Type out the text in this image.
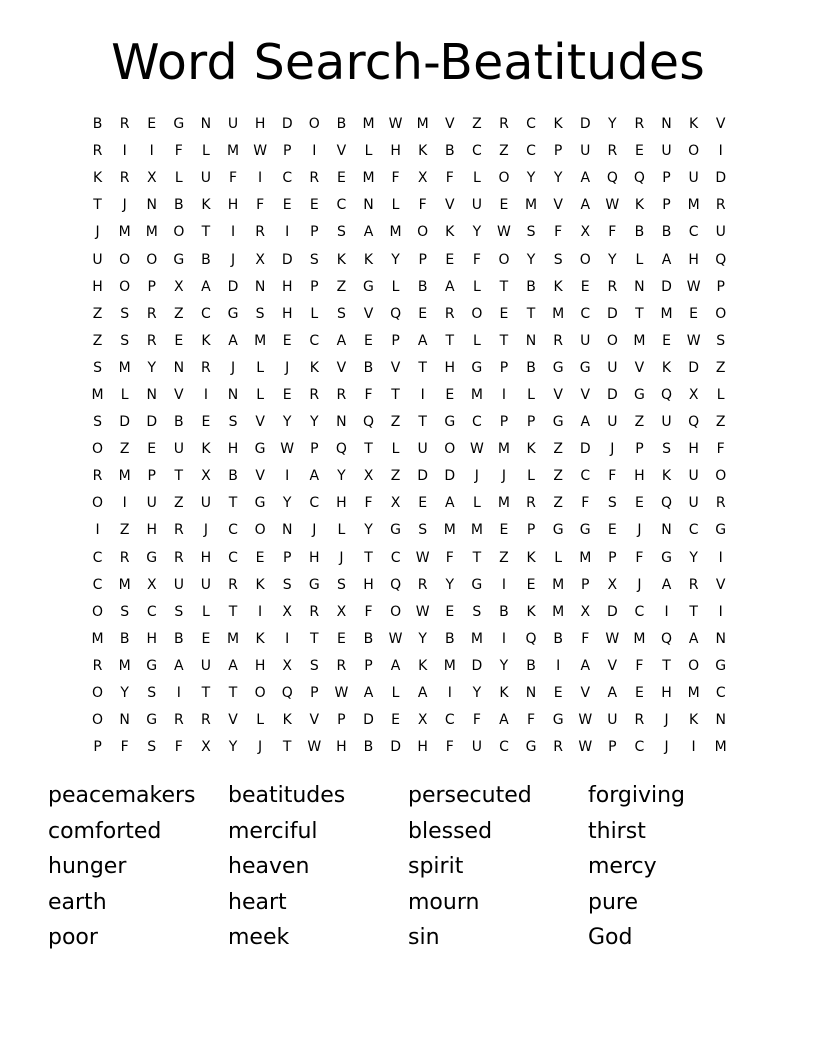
Word Search-Beatitudes
B	R	E	G	N	U	H	D	O	B	M	W	M	V	Z	R	C	K	D	Y	R	N	K	V
R	I	I	F	L	M	W	P	I	V	L	H	K	B	C	Z	C	P	U	R	E	U	O	I
K	R	X	L	U	F	I	C	R	E	M	F	X	F	L	O	Y	Y	A	Q	Q	P	U	D
T	J	N	B	K	H	F	E	E	C	N	L	F	V	U	E	M	V	A	W	K	P	M	R
J	M	M	O	T	I	R	I	P	S	A	M	O	K	Y	W	S	F	X	F	B	B	C	U
U	O	O	G	B	J	X	D	S	K	K	Y	P	E	F	O	Y	S	O	Y	L	A	H	Q
H	O	P	X	A	D	N	H	P	Z	G	L	B	A	L	T	B	K	E	R	N	D	W	P
Z	S	R	Z	C	G	S	H	L	S	V	Q	E	R	O	E	T	M	C	D	T	M	E	O
Z	S	R	E	K	A	M	E	C	A	E	P	A	T	L	T	N	R	U	O	M	E	W	S
S	M	Y	N	R	J	L	J	K	V	B	V	T	H	G	P	B	G	G	U	V	K	D	Z
M	L	N	V	I	N	L	E	R	R	F	T	I	E	M	I	L	V	V	D	G	Q	X	L
S	D	D	B	E	S	V	Y	Y	N	Q	Z	T	G	C	P	P	G	A	U	Z	U	Q	Z
O	Z	E	U	K	H	G	W	P	Q	T	L	U	O	W	M	K	Z	D	J	P	S	H	F
R	M	P	T	X	B	V	I	A	Y	X	Z	D	D	J	J	L	Z	C	F	H	K	U	O
O	I	U	Z	U	T	G	Y	C	H	F	X	E	A	L	M	R	Z	F	S	E	Q	U	R
I	Z	H	R	J	C	O	N	J	L	Y	G	S	M	M	E	P	G	G	E	J	N	C	G
C	R	G	R	H	C	E	P	H	J	T	C	W	F	T	Z	K	L	M	P	F	G	Y	I
C	M	X	U	U	R	K	S	G	S	H	Q	R	Y	G	I	E	M	P	X	J	A	R	V
O	S	C	S	L	T	I	X	R	X	F	O	W	E	S	B	K	M	X	D	C	I	T	I
M	B	H	B	E	M	K	I	T	E	B	W	Y	B	M	I	Q	B	F	W	M	Q	A	N
R	M	G	A	U	A	H	X	S	R	P	A	K	M	D	Y	B	I	A	V	F	T	O	G
O	Y	S	I	T	T	O	Q	P	W	A	L	A	I	Y	K	N	E	V	A	E	H	M	C
O	N	G	R	R	V	L	K	V	P	D	E	X	C	F	A	F	G	W	U	R	J	K	N
P	F	S	F	X	Y	J	T	W	H	B	D	H	F	U	C	G	R	W	P	C	J	I	M
peacemakers	beatitudes	persecuted	forgiving
comforted	merciful	blessed	thirst
hunger	heaven	spirit	mercy
earth	heart	mourn	pure
poor	meek	sin	God
